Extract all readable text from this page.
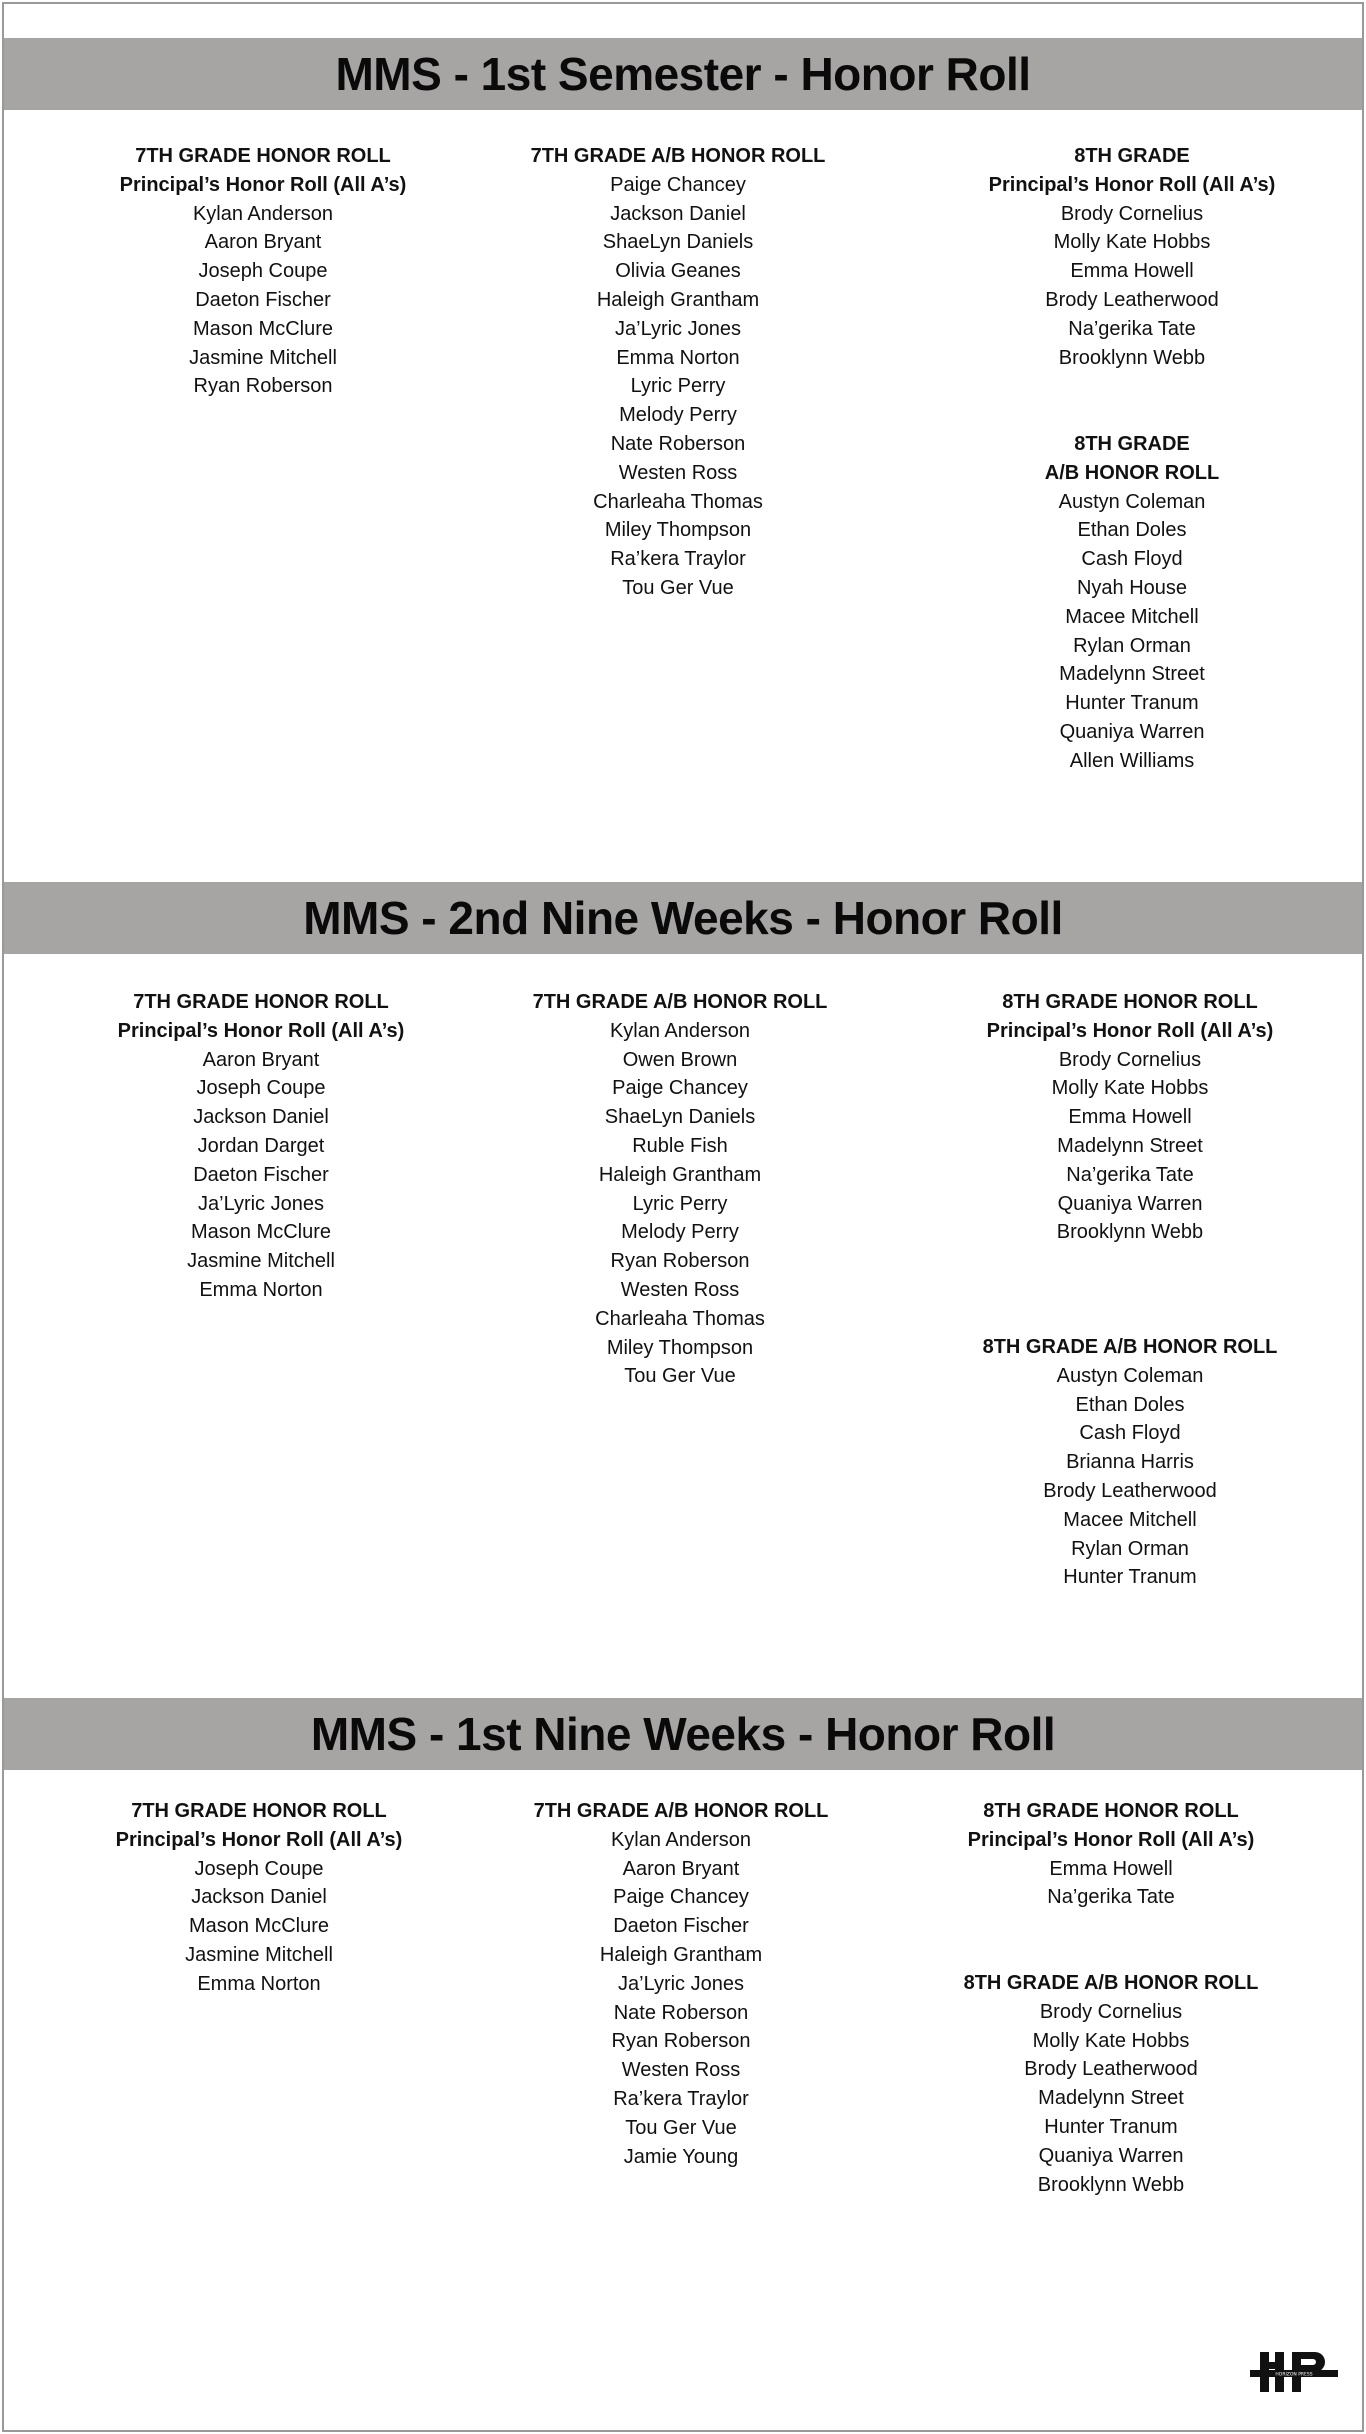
MMS - 1st Semester - Honor Roll
7TH GRADE HONOR ROLL
Principal’s Honor Roll (All A’s)
Kylan Anderson
Aaron Bryant
Joseph Coupe
Daeton Fischer
Mason McClure
Jasmine Mitchell
Ryan Roberson
7TH GRADE A/B HONOR ROLL
Paige Chancey
Jackson Daniel
ShaeLyn Daniels
Olivia Geanes
Haleigh Grantham
Ja’Lyric Jones
Emma Norton
Lyric Perry
Melody Perry
Nate Roberson
Westen Ross
Charleaha Thomas
Miley Thompson
Ra’kera Traylor
Tou Ger Vue
8TH GRADE
Principal’s Honor Roll (All A’s)
Brody Cornelius
Molly Kate Hobbs
Emma Howell
Brody Leatherwood
Na’gerika Tate
Brooklynn Webb
8TH GRADE
A/B HONOR ROLL
Austyn Coleman
Ethan Doles
Cash Floyd
Nyah House
Macee Mitchell
Rylan Orman
Madelynn Street
Hunter Tranum
Quaniya Warren
Allen Williams
MMS - 2nd Nine Weeks - Honor Roll
7TH GRADE HONOR ROLL
Principal’s Honor Roll (All A’s)
Aaron Bryant
Joseph Coupe
Jackson Daniel
Jordan Darget
Daeton Fischer
Ja’Lyric Jones
Mason McClure
Jasmine Mitchell
Emma Norton
7TH GRADE A/B HONOR ROLL
Kylan Anderson
Owen Brown
Paige Chancey
ShaeLyn Daniels
Ruble Fish
Haleigh Grantham
Lyric Perry
Melody Perry
Ryan Roberson
Westen Ross
Charleaha Thomas
Miley Thompson
Tou Ger Vue
8TH GRADE HONOR ROLL
Principal’s Honor Roll (All A’s)
Brody Cornelius
Molly Kate Hobbs
Emma Howell
Madelynn Street
Na’gerika Tate
Quaniya Warren
Brooklynn Webb
8TH GRADE A/B HONOR ROLL
Austyn Coleman
Ethan Doles
Cash Floyd
Brianna Harris
Brody Leatherwood
Macee Mitchell
Rylan Orman
Hunter Tranum
MMS - 1st Nine Weeks - Honor Roll
7TH GRADE HONOR ROLL
Principal’s Honor Roll (All A’s)
Joseph Coupe
Jackson Daniel
Mason McClure
Jasmine Mitchell
Emma Norton
7TH GRADE A/B HONOR ROLL
Kylan Anderson
Aaron Bryant
Paige Chancey
Daeton Fischer
Haleigh Grantham
Ja’Lyric Jones
Nate Roberson
Ryan Roberson
Westen Ross
Ra’kera Traylor
Tou Ger Vue
Jamie Young
8TH GRADE HONOR ROLL
Principal’s Honor Roll (All A’s)
Emma Howell
Na’gerika Tate
8TH GRADE A/B HONOR ROLL
Brody Cornelius
Molly Kate Hobbs
Brody Leatherwood
Madelynn Street
Hunter Tranum
Quaniya Warren
Brooklynn Webb
HORIZON PRESS
